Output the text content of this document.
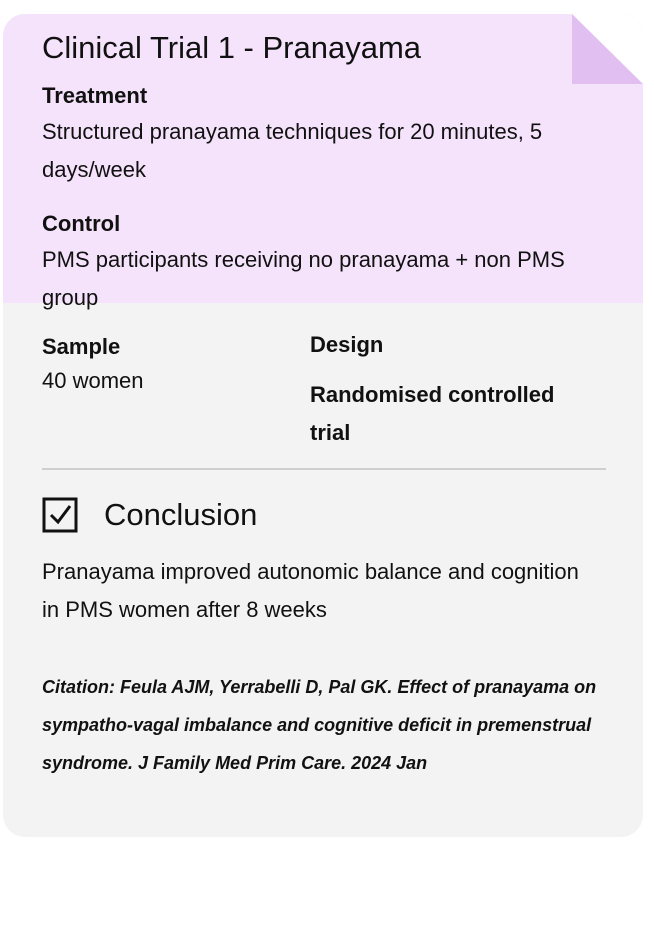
Clinical Trial 1 - Pranayama
Treatment
Structured pranayama techniques for 20 minutes, 5 days/week
Control
PMS participants receiving no pranayama + non PMS group
Sample
40 women
Design
Randomised controlled trial
Conclusion
Pranayama improved autonomic balance and cognition in PMS women after 8 weeks
Citation: Feula AJM, Yerrabelli D, Pal GK. Effect of pranayama on sympatho-vagal imbalance and cognitive deficit in premenstrual syndrome. J Family Med Prim Care. 2024 Jan
